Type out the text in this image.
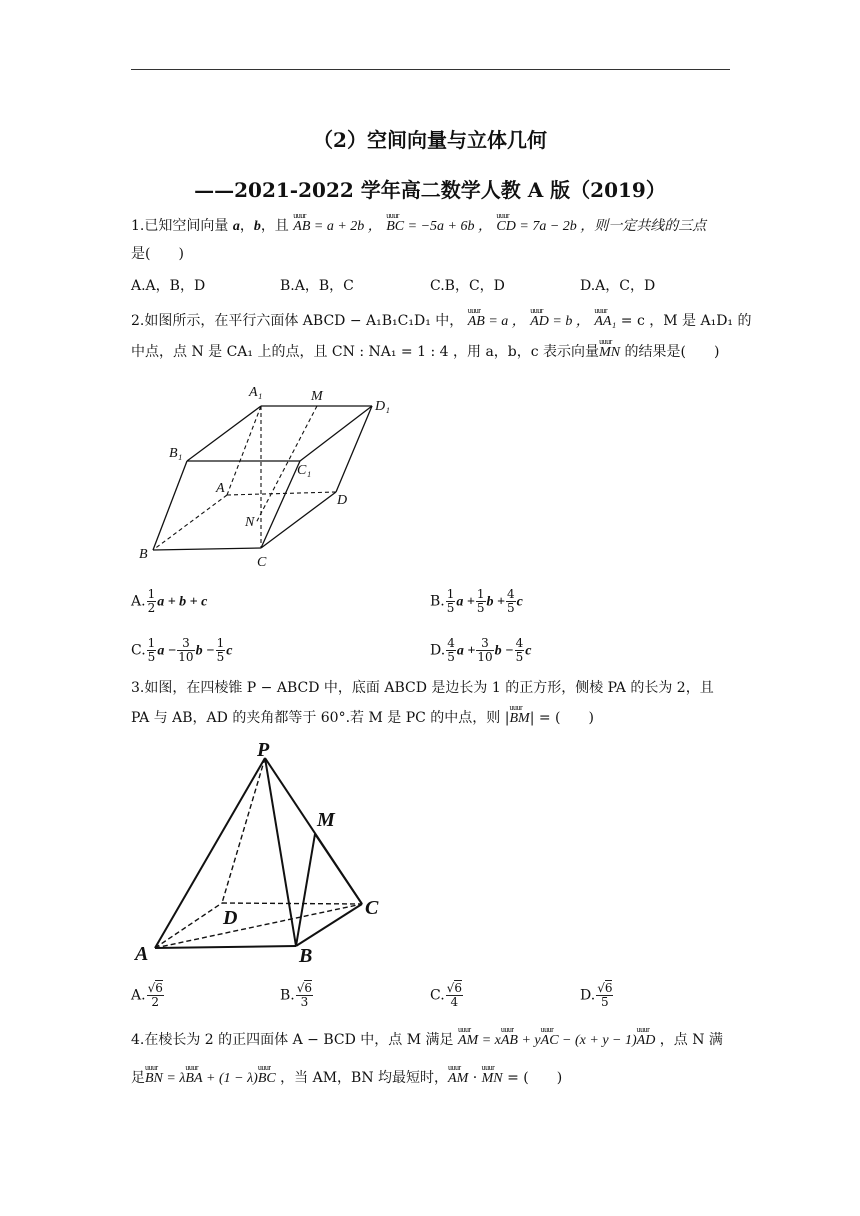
（2）空间向量与立体几何
——2021-2022 学年高二数学人教 A 版（2019）
1.已知空间向量 a，b，且 uuur AB = a + 2b ， uuur BC = −5a + 6b ， uuur CD = 7a − 2b ，则一定共线的三点
是(　　)
A.A，B，D	B.A，B，C	C.B，C，D	D.A，C，D
2.如图所示，在平行六面体 ABCD − A₁B₁C₁D₁ 中， uuur AB = a ， uuur AD = b ， uuur AA₁ = c ，M 是 A₁D₁ 的
中点，点 N 是 CA₁ 上的点，且 CN : NA₁ = 1 : 4 ，用 a，b，c 表示向量uuur MN 的结果是(　　)
A₁	M
D₁
B₁
C₁
A
D
N
B
C
A. $\frac{1}{2}$ a + b + c	B. $\frac{1}{5}$ $a + \frac{1}{5}$ $b + \frac{4}{5}$ c
C. $\frac{1}{5}$ $a - \frac{3}{10}$ $b - \frac{1}{5}$ c	D. $\frac{4}{5}$ $a + \frac{3}{10}$ $b - \frac{4}{5}$ c
3.如图，在四棱锥 P − ABCD 中，底面 ABCD 是边长为 1 的正方形，侧棱 PA 的长为 2，且
PA 与 AB，AD 的夹角都等于 60°.若 M 是 PC 的中点，则 |uuur BM| = (　　)
P
M
C
D
A	B
A. $\frac{√6}{2}$	B. $\frac{√6}{3}$	C. $\frac{√6}{4}$	D. $\frac{√6}{5}$
4.在棱长为 2 的正四面体 A − BCD 中，点 M 满足 uuur AM = xuuur AB + yuuur AC − (x + y − 1)uuur AD ，点 N 满
足uuur BN = λuuur BA + (1 − λ)uuur BC ，当 AM，BN 均最短时，uuur AM · uuur MN = (　　)
